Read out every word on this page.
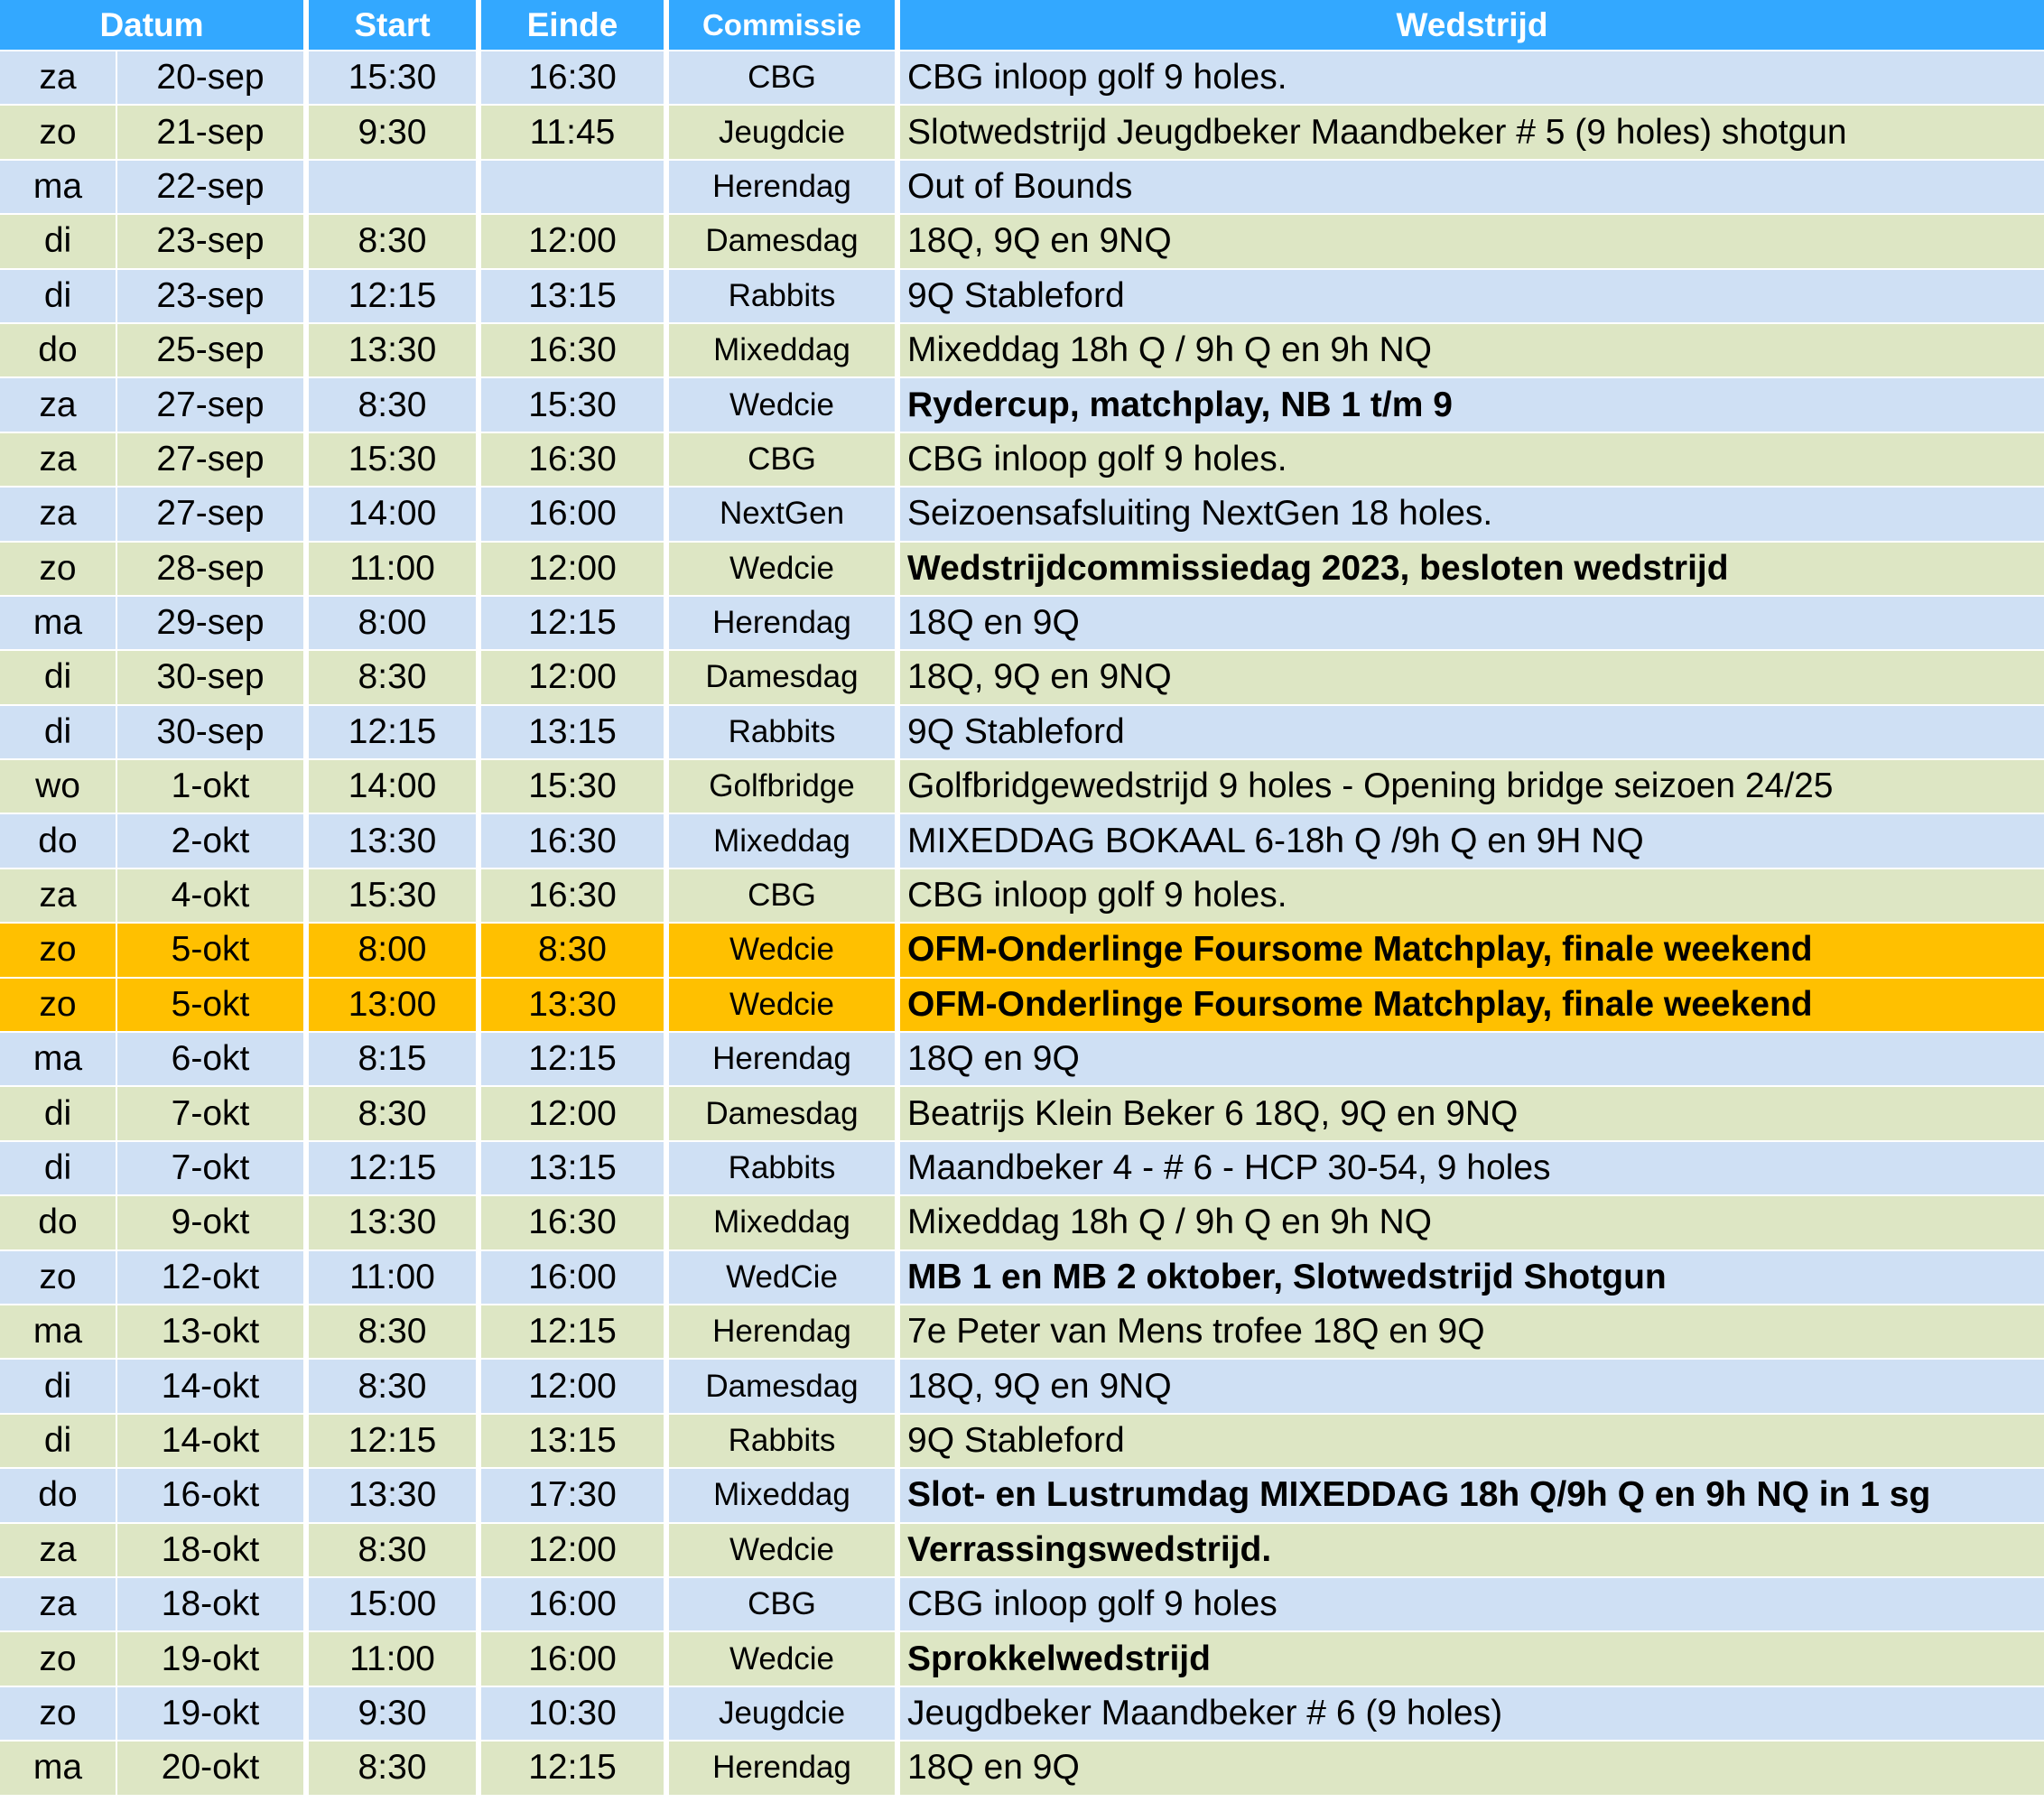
Datum		Start	Einde	Commissie	Wedstrijd
za	20-sep	15:30	16:30	CBG	CBG inloop golf 9 holes.
zo	21-sep	9:30	11:45	Jeugdcie	Slotwedstrijd Jeugdbeker Maandbeker # 5 (9 holes) shotgun
ma	22-sep			Herendag	Out of Bounds
di	23-sep	8:30	12:00	Damesdag	18Q, 9Q en 9NQ
di	23-sep	12:15	13:15	Rabbits	9Q Stableford
do	25-sep	13:30	16:30	Mixeddag	Mixeddag 18h Q / 9h Q en 9h NQ
za	27-sep	8:30	15:30	Wedcie	Rydercup, matchplay, NB 1 t/m 9
za	27-sep	15:30	16:30	CBG	CBG inloop golf 9 holes.
za	27-sep	14:00	16:00	NextGen	Seizoensafsluiting NextGen 18 holes.
zo	28-sep	11:00	12:00	Wedcie	Wedstrijdcommissiedag 2023, besloten wedstrijd
ma	29-sep	8:00	12:15	Herendag	18Q en 9Q
di	30-sep	8:30	12:00	Damesdag	18Q, 9Q en 9NQ
di	30-sep	12:15	13:15	Rabbits	9Q Stableford
wo	1-okt	14:00	15:30	Golfbridge	Golfbridgewedstrijd 9 holes - Opening bridge seizoen 24/25
do	2-okt	13:30	16:30	Mixeddag	MIXEDDAG BOKAAL 6-18h Q /9h Q en 9H NQ
za	4-okt	15:30	16:30	CBG	CBG inloop golf 9 holes.
zo	5-okt	8:00	8:30	Wedcie	OFM-Onderlinge Foursome Matchplay, finale weekend
zo	5-okt	13:00	13:30	Wedcie	OFM-Onderlinge Foursome Matchplay, finale weekend
ma	6-okt	8:15	12:15	Herendag	18Q en 9Q
di	7-okt	8:30	12:00	Damesdag	Beatrijs Klein Beker 6 18Q, 9Q en 9NQ
di	7-okt	12:15	13:15	Rabbits	Maandbeker 4 - # 6 - HCP 30-54, 9 holes
do	9-okt	13:30	16:30	Mixeddag	Mixeddag 18h Q / 9h Q en 9h NQ
zo	12-okt	11:00	16:00	WedCie	MB 1 en MB 2 oktober, Slotwedstrijd Shotgun
ma	13-okt	8:30	12:15	Herendag	7e Peter van Mens trofee 18Q en 9Q
di	14-okt	8:30	12:00	Damesdag	18Q, 9Q en 9NQ
di	14-okt	12:15	13:15	Rabbits	9Q Stableford
do	16-okt	13:30	17:30	Mixeddag	Slot- en Lustrumdag MIXEDDAG 18h Q/9h Q en 9h NQ in 1 sg
za	18-okt	8:30	12:00	Wedcie	Verrassingswedstrijd.
za	18-okt	15:00	16:00	CBG	CBG inloop golf 9 holes
zo	19-okt	11:00	16:00	Wedcie	Sprokkelwedstrijd
zo	19-okt	9:30	10:30	Jeugdcie	Jeugdbeker Maandbeker # 6 (9 holes)
ma	20-okt	8:30	12:15	Herendag	18Q en 9Q
